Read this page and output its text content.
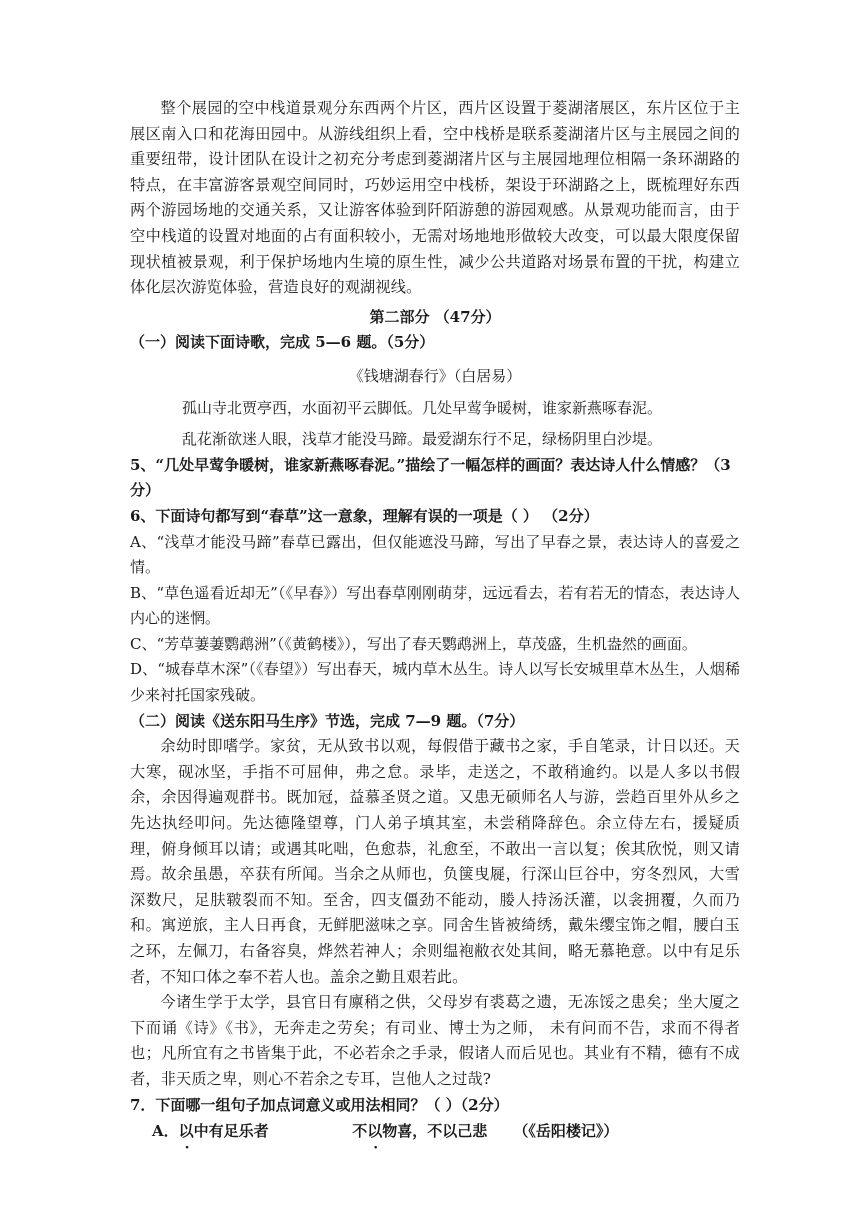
整个展园的空中栈道景观分东西两个片区，西片区设置于菱湖渚展区，东片区位于主展区南入口和花海田园中。从游线组织上看，空中栈桥是联系菱湖渚片区与主展园之间的重要纽带，设计团队在设计之初充分考虑到菱湖渚片区与主展园地理位相隔一条环湖路的特点，在丰富游客景观空间同时，巧妙运用空中栈桥，架设于环湖路之上，既梳理好东西两个游园场地的交通关系，又让游客体验到阡陌游憩的游园观感。从景观功能而言，由于空中栈道的设置对地面的占有面积较小，无需对场地地形做较大改变，可以最大限度保留现状植被景观，利于保护场地内生境的原生性，减少公共道路对场景布置的干扰，构建立体化层次游览体验，营造良好的观湖视线。

第二部分 （47分）

（一）阅读下面诗歌，完成 5—6 题。（5分）

《钱塘湖春行》（白居易）

孤山寺北贾亭西，水面初平云脚低。几处早莺争暖树，谁家新燕啄春泥。

乱花渐欲迷人眼，浅草才能没马蹄。最爱湖东行不足，绿杨阴里白沙堤。

5、“几处早莺争暖树，谁家新燕啄春泥。”描绘了一幅怎样的画面？表达诗人什么情感？（3分）

6、下面诗句都写到“春草”这一意象，理解有误的一项是（ ） （2分）

A、“浅草才能没马蹄”春草已露出，但仅能遮没马蹄，写出了早春之景，表达诗人的喜爱之情。

B、“草色遥看近却无”（《早春》）写出春草刚刚萌芽，远远看去，若有若无的情态，表达诗人内心的迷惘。

C、“芳草萋萋鹦鹉洲”（《黄鹤楼》），写出了春天鹦鹉洲上，草茂盛，生机盎然的画面。

D、“城春草木深”（《春望》）写出春天，城内草木丛生。诗人以写长安城里草木丛生，人烟稀少来衬托国家残破。

（二）阅读《送东阳马生序》节选，完成 7—9 题。（7分）

余幼时即嗜学。家贫，无从致书以观，每假借于藏书之家，手自笔录，计日以还。天大寒，砚冰坚，手指不可屈伸，弗之怠。录毕，走送之，不敢稍逾约。以是人多以书假余，余因得遍观群书。既加冠，益慕圣贤之道。又患无硕师名人与游，尝趋百里外从乡之先达执经叩问。先达德隆望尊，门人弟子填其室，未尝稍降辞色。余立侍左右，援疑质理，俯身倾耳以请；或遇其叱咄，色愈恭，礼愈至，不敢出一言以复；俟其欣悦，则又请焉。故余虽愚，卒获有所闻。当余之从师也，负箧曳屣，行深山巨谷中，穷冬烈风，大雪深数尺，足肤皲裂而不知。至舍，四支僵劲不能动，媵人持汤沃灌，以衾拥覆，久而乃和。寓逆旅，主人日再食，无鲜肥滋味之享。同舍生皆被绮绣，戴朱缨宝饰之帽，腰白玉之环，左佩刀，右备容臭，烨然若神人；余则缊袍敝衣处其间，略无慕艳意。以中有足乐者，不知口体之奉不若人也。盖余之勤且艰若此。

今诸生学于太学，县官日有廪稍之供，父母岁有裘葛之遗，无冻馁之患矣；坐大厦之下而诵《诗》《书》，无奔走之劳矣；有司业、博士为之师， 未有问而不告，求而不得者也；凡所宜有之书皆集于此，不必若余之手录，假诸人而后见也。其业有不精，德有不成者，非天质之卑，则心不若余之专耳，岂他人之过哉?

7．下面哪一组句子加点词意义或用法相同？（ ）（2分）

A．以中有足乐者	不以物喜，不以己悲 （《岳阳楼记》）
